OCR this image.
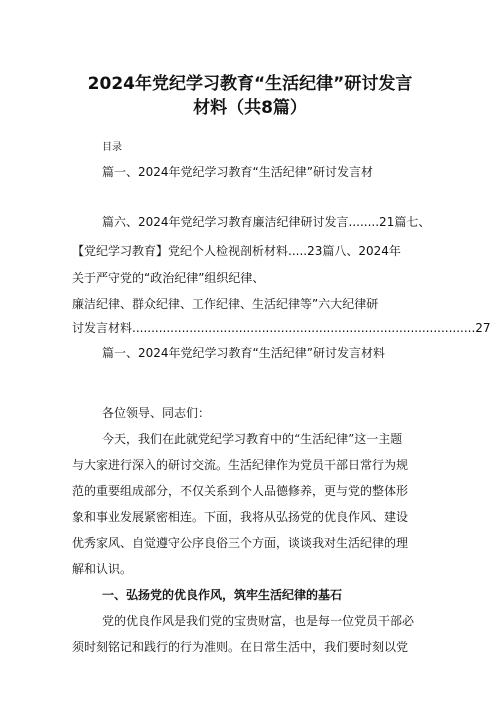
2024年党纪学习教育“生活纪律”研讨发言
材料（共8篇）
目录
篇一、2024年党纪学习教育“生活纪律”研讨发言材
篇六、2024年党纪学习教育廉洁纪律研讨发言........21篇七、
【党纪学习教育】党纪个人检视剖析材料.....23篇八、2024年
关于严守党的“政治纪律”组织纪律、
廉洁纪律、群众纪律、工作纪律、生活纪律等”六大纪律研
讨发言材料..........................................................................................27
篇一、2024年党纪学习教育“生活纪律”研讨发言材料
各位领导、同志们：
今天，我们在此就党纪学习教育中的“生活纪律”这一主题
与大家进行深入的研讨交流。生活纪律作为党员干部日常行为规
范的重要组成部分，不仅关系到个人品德修养，更与党的整体形
象和事业发展紧密相连。下面，我将从弘扬党的优良作风、建设
优秀家风、自觉遵守公序良俗三个方面，谈谈我对生活纪律的理
解和认识。
一、弘扬党的优良作风，筑牢生活纪律的基石
党的优良作风是我们党的宝贵财富，也是每一位党员干部必
须时刻铭记和践行的行为准则。在日常生活中，我们要时刻以党
